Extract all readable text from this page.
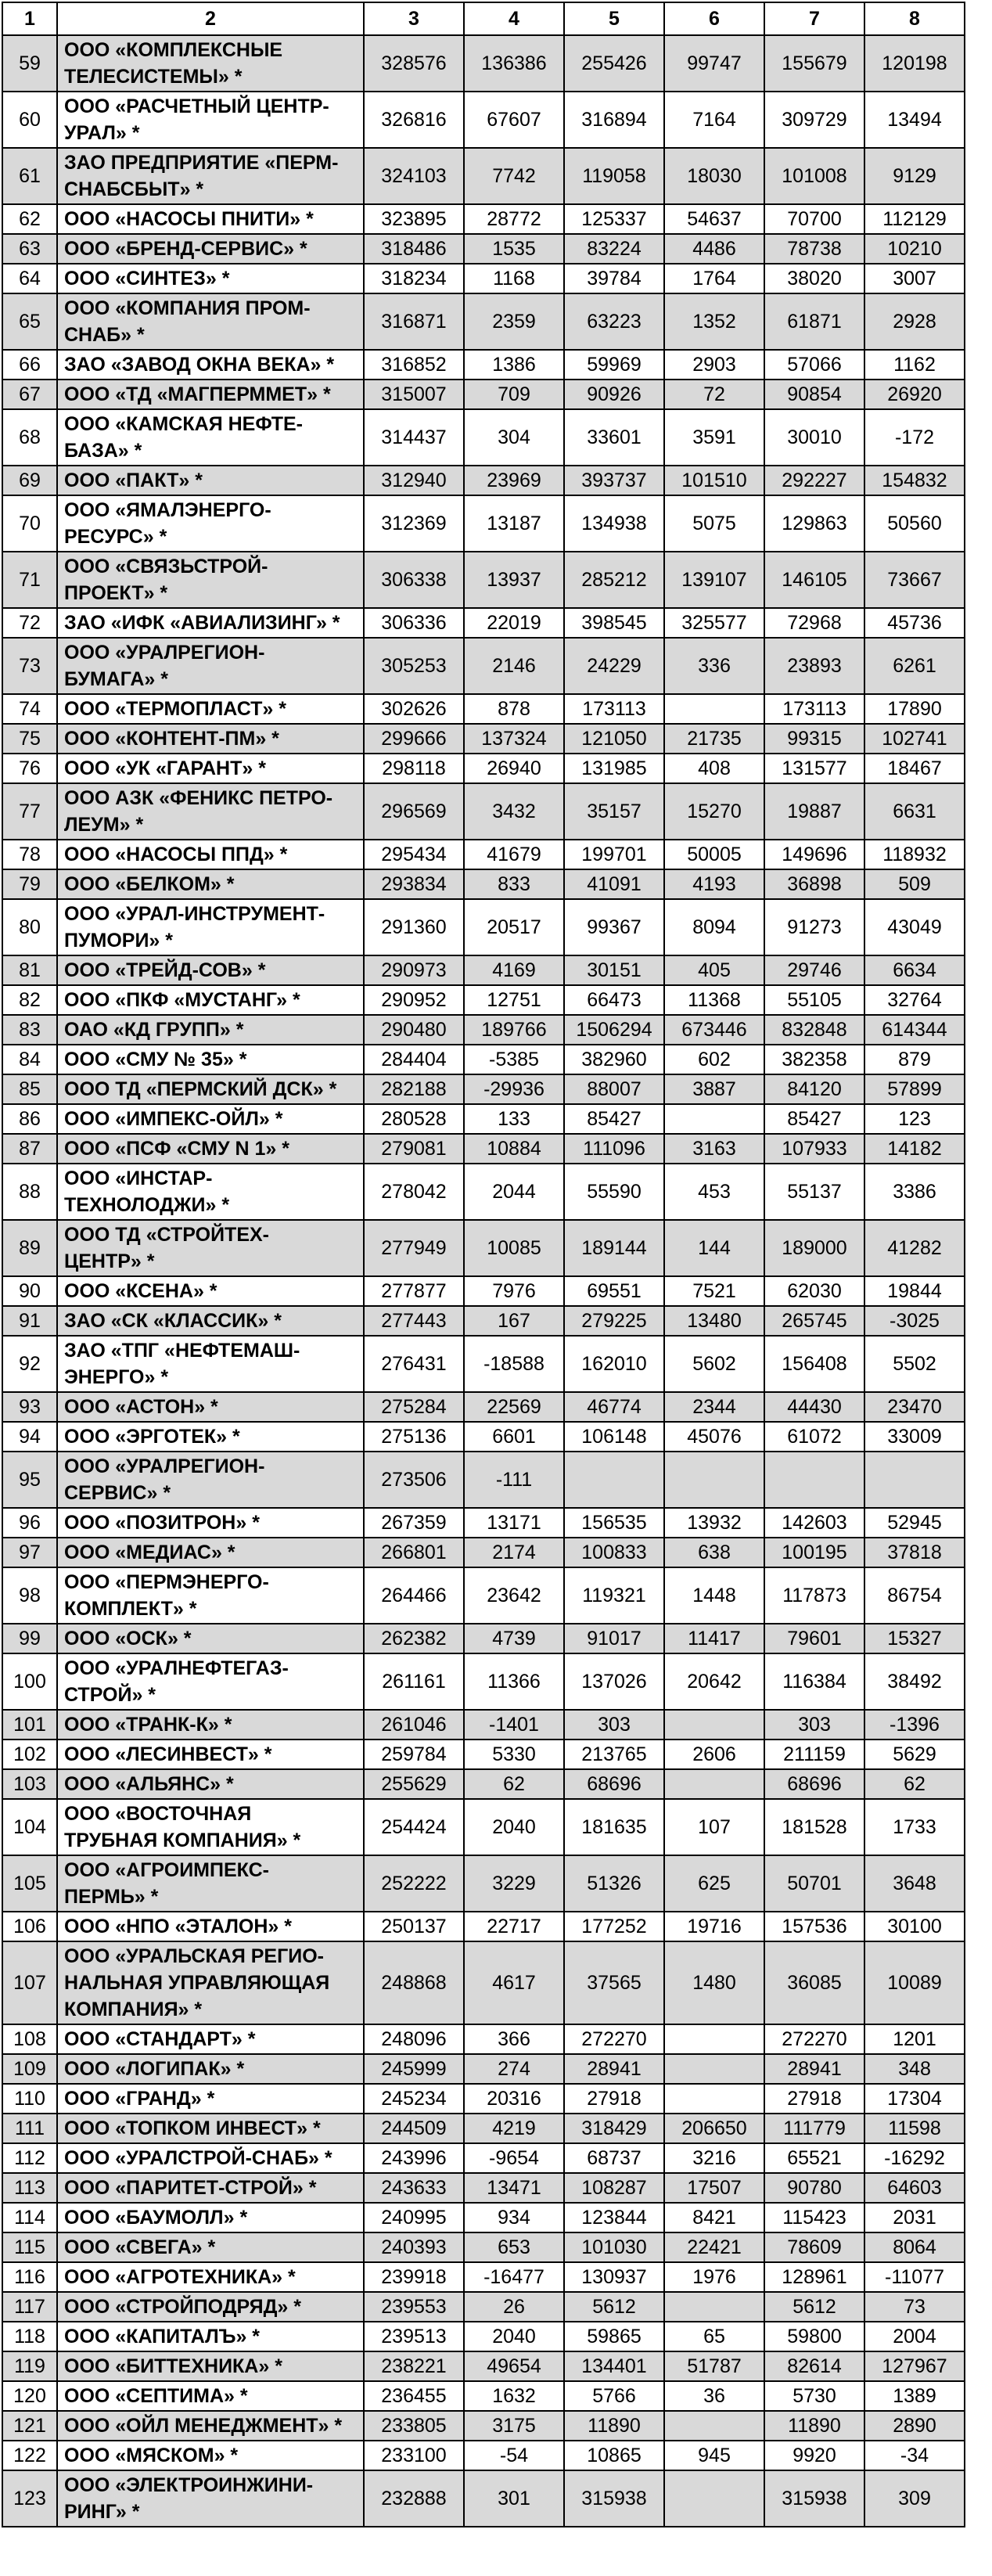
1	2	3	4	5	6	7	8
59	ООО «КОМПЛЕКСНЫЕ
ТЕЛЕСИСТЕМЫ» *	328576	136386	255426	99747	155679	120198
60	ООО «РАСЧЕТНЫЙ ЦЕНТР-
УРАЛ» *	326816	67607	316894	7164	309729	13494
61	ЗАО ПРЕДПРИЯТИЕ «ПЕРМ-
СНАБСБЫТ» *	324103	7742	119058	18030	101008	9129
62	ООО «НАСОСЫ ПНИТИ» *	323895	28772	125337	54637	70700	112129
63	ООО «БРЕНД-СЕРВИС» *	318486	1535	83224	4486	78738	10210
64	ООО «СИНТЕЗ» *	318234	1168	39784	1764	38020	3007
65	ООО «КОМПАНИЯ ПРОМ-
СНАБ» *	316871	2359	63223	1352	61871	2928
66	ЗАО «ЗАВОД ОКНА ВЕКА» *	316852	1386	59969	2903	57066	1162
67	ООО «ТД «МАГПЕРММЕТ» *	315007	709	90926	72	90854	26920
68	ООО «КАМСКАЯ НЕФТЕ-
БАЗА» *	314437	304	33601	3591	30010	-172
69	ООО «ПАКТ» *	312940	23969	393737	101510	292227	154832
70	ООО «ЯМАЛЭНЕРГО-
РЕСУРС» *	312369	13187	134938	5075	129863	50560
71	ООО «СВЯЗЬСТРОЙ-
ПРОЕКТ» *	306338	13937	285212	139107	146105	73667
72	ЗАО «ИФК «АВИАЛИЗИНГ» *	306336	22019	398545	325577	72968	45736
73	ООО «УРАЛРЕГИОН-
БУМАГА» *	305253	2146	24229	336	23893	6261
74	ООО «ТЕРМОПЛАСТ» *	302626	878	173113		173113	17890
75	ООО «КОНТЕНТ-ПМ» *	299666	137324	121050	21735	99315	102741
76	ООО «УК «ГАРАНТ» *	298118	26940	131985	408	131577	18467
77	ООО АЗК «ФЕНИКС ПЕТРО-
ЛЕУМ» *	296569	3432	35157	15270	19887	6631
78	ООО «НАСОСЫ ППД» *	295434	41679	199701	50005	149696	118932
79	ООО «БЕЛКОМ» *	293834	833	41091	4193	36898	509
80	ООО «УРАЛ-ИНСТРУМЕНТ-
ПУМОРИ» *	291360	20517	99367	8094	91273	43049
81	ООО «ТРЕЙД-СОВ» *	290973	4169	30151	405	29746	6634
82	ООО «ПКФ «МУСТАНГ» *	290952	12751	66473	11368	55105	32764
83	ОАО «КД ГРУПП» *	290480	189766	1506294	673446	832848	614344
84	ООО «СМУ № 35» *	284404	-5385	382960	602	382358	879
85	ООО ТД «ПЕРМСКИЙ ДСК» *	282188	-29936	88007	3887	84120	57899
86	ООО «ИМПЕКС-ОЙЛ» *	280528	133	85427		85427	123
87	ООО «ПСФ «СМУ N 1» *	279081	10884	111096	3163	107933	14182
88	ООО «ИНСТАР-
ТЕХНОЛОДЖИ» *	278042	2044	55590	453	55137	3386
89	ООО ТД «СТРОЙТЕХ-
ЦЕНТР» *	277949	10085	189144	144	189000	41282
90	ООО «КСЕНА» *	277877	7976	69551	7521	62030	19844
91	ЗАО «СК «КЛАССИК» *	277443	167	279225	13480	265745	-3025
92	ЗАО «ТПГ «НЕФТЕМАШ-
ЭНЕРГО» *	276431	-18588	162010	5602	156408	5502
93	ООО «АСТОН» *	275284	22569	46774	2344	44430	23470
94	ООО «ЭРГОТЕК» *	275136	6601	106148	45076	61072	33009
95	ООО «УРАЛРЕГИОН-
СЕРВИС» *	273506	-111				
96	ООО «ПОЗИТРОН» *	267359	13171	156535	13932	142603	52945
97	ООО «МЕДИАС» *	266801	2174	100833	638	100195	37818
98	ООО «ПЕРМЭНЕРГО-
КОМПЛЕКТ» *	264466	23642	119321	1448	117873	86754
99	ООО «ОСК» *	262382	4739	91017	11417	79601	15327
100	ООО «УРАЛНЕФТЕГАЗ-
СТРОЙ» *	261161	11366	137026	20642	116384	38492
101	ООО «ТРАНК-К» *	261046	-1401	303		303	-1396
102	ООО «ЛЕСИНВЕСТ» *	259784	5330	213765	2606	211159	5629
103	ООО «АЛЬЯНС» *	255629	62	68696		68696	62
104	ООО «ВОСТОЧНАЯ
ТРУБНАЯ КОМПАНИЯ» *	254424	2040	181635	107	181528	1733
105	ООО «АГРОИМПЕКС-
ПЕРМЬ» *	252222	3229	51326	625	50701	3648
106	ООО «НПО «ЭТАЛОН» *	250137	22717	177252	19716	157536	30100
107	ООО «УРАЛЬСКАЯ РЕГИО-
НАЛЬНАЯ УПРАВЛЯЮЩАЯ
КОМПАНИЯ» *	248868	4617	37565	1480	36085	10089
108	ООО «СТАНДАРТ» *	248096	366	272270		272270	1201
109	ООО «ЛОГИПАК» *	245999	274	28941		28941	348
110	ООО «ГРАНД» *	245234	20316	27918		27918	17304
111	ООО «ТОПКОМ ИНВЕСТ» *	244509	4219	318429	206650	111779	11598
112	ООО «УРАЛСТРОЙ-СНАБ» *	243996	-9654	68737	3216	65521	-16292
113	ООО «ПАРИТЕТ-СТРОЙ» *	243633	13471	108287	17507	90780	64603
114	ООО «БАУМОЛЛ» *	240995	934	123844	8421	115423	2031
115	ООО «СВЕГА» *	240393	653	101030	22421	78609	8064
116	ООО «АГРОТЕХНИКА» *	239918	-16477	130937	1976	128961	-11077
117	ООО «СТРОЙПОДРЯД» *	239553	26	5612		5612	73
118	ООО «КАПИТАЛЪ» *	239513	2040	59865	65	59800	2004
119	ООО «БИТТЕХНИКА» *	238221	49654	134401	51787	82614	127967
120	ООО «СЕПТИМА» *	236455	1632	5766	36	5730	1389
121	ООО «ОЙЛ МЕНЕДЖМЕНТ» *	233805	3175	11890		11890	2890
122	ООО «МЯСКОМ» *	233100	-54	10865	945	9920	-34
123	ООО «ЭЛЕКТРОИНЖИНИ-
РИНГ» *	232888	301	315938		315938	309
